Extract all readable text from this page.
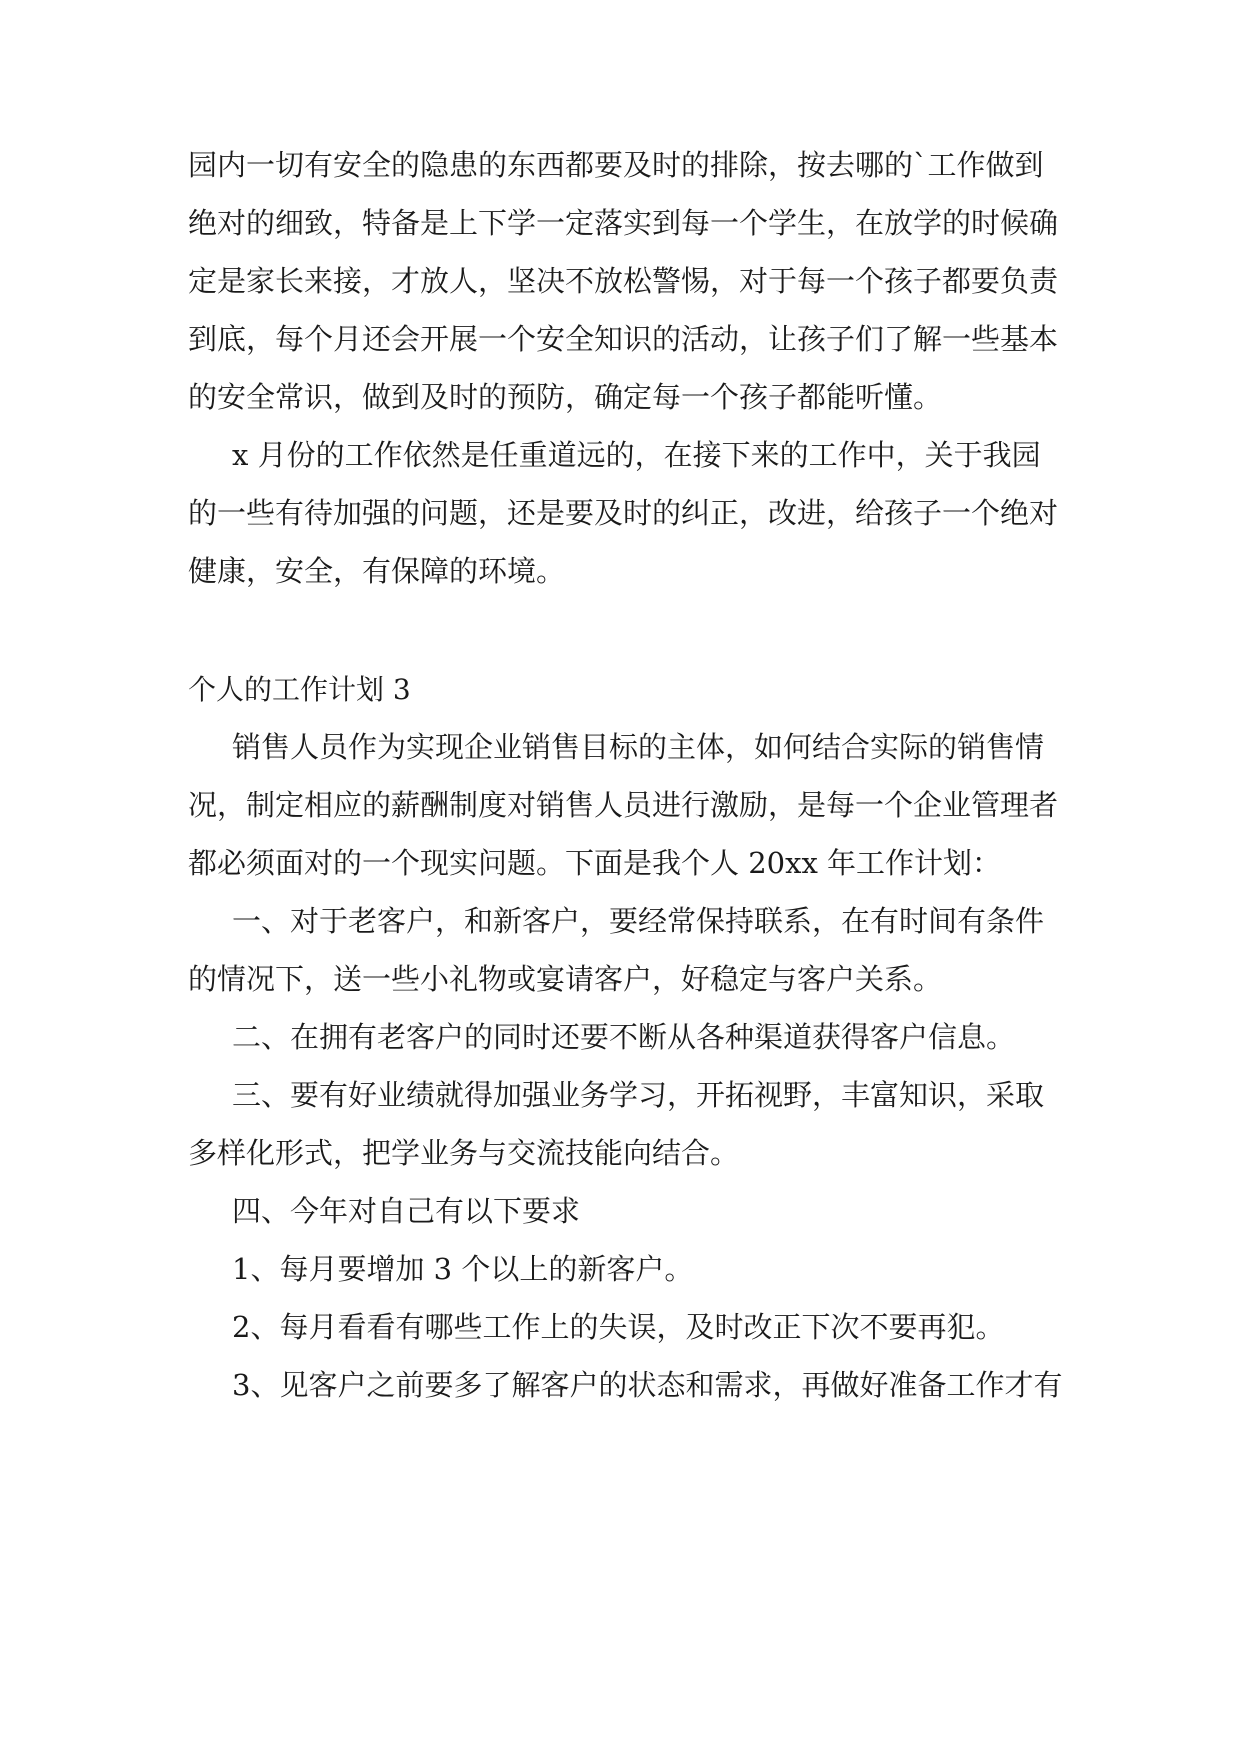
园内一切有安全的隐患的东西都要及时的排除，按去哪的`工作做到
绝对的细致，特备是上下学一定落实到每一个学生，在放学的时候确
定是家长来接，才放人，坚决不放松警惕，对于每一个孩子都要负责
到底，每个月还会开展一个安全知识的活动，让孩子们了解一些基本
的安全常识，做到及时的预防，确定每一个孩子都能听懂。
x 月份的工作依然是任重道远的，在接下来的工作中，关于我园
的一些有待加强的问题，还是要及时的纠正，改进，给孩子一个绝对
健康，安全，有保障的环境。
个人的工作计划 3
销售人员作为实现企业销售目标的主体，如何结合实际的销售情
况，制定相应的薪酬制度对销售人员进行激励，是每一个企业管理者
都必须面对的一个现实问题。下面是我个人 20xx 年工作计划：
一、对于老客户，和新客户，要经常保持联系，在有时间有条件
的情况下，送一些小礼物或宴请客户，好稳定与客户关系。
二、在拥有老客户的同时还要不断从各种渠道获得客户信息。
三、要有好业绩就得加强业务学习，开拓视野，丰富知识，采取
多样化形式，把学业务与交流技能向结合。
四、今年对自己有以下要求
1、每月要增加 3 个以上的新客户。
2、每月看看有哪些工作上的失误，及时改正下次不要再犯。
3、见客户之前要多了解客户的状态和需求，再做好准备工作才有
